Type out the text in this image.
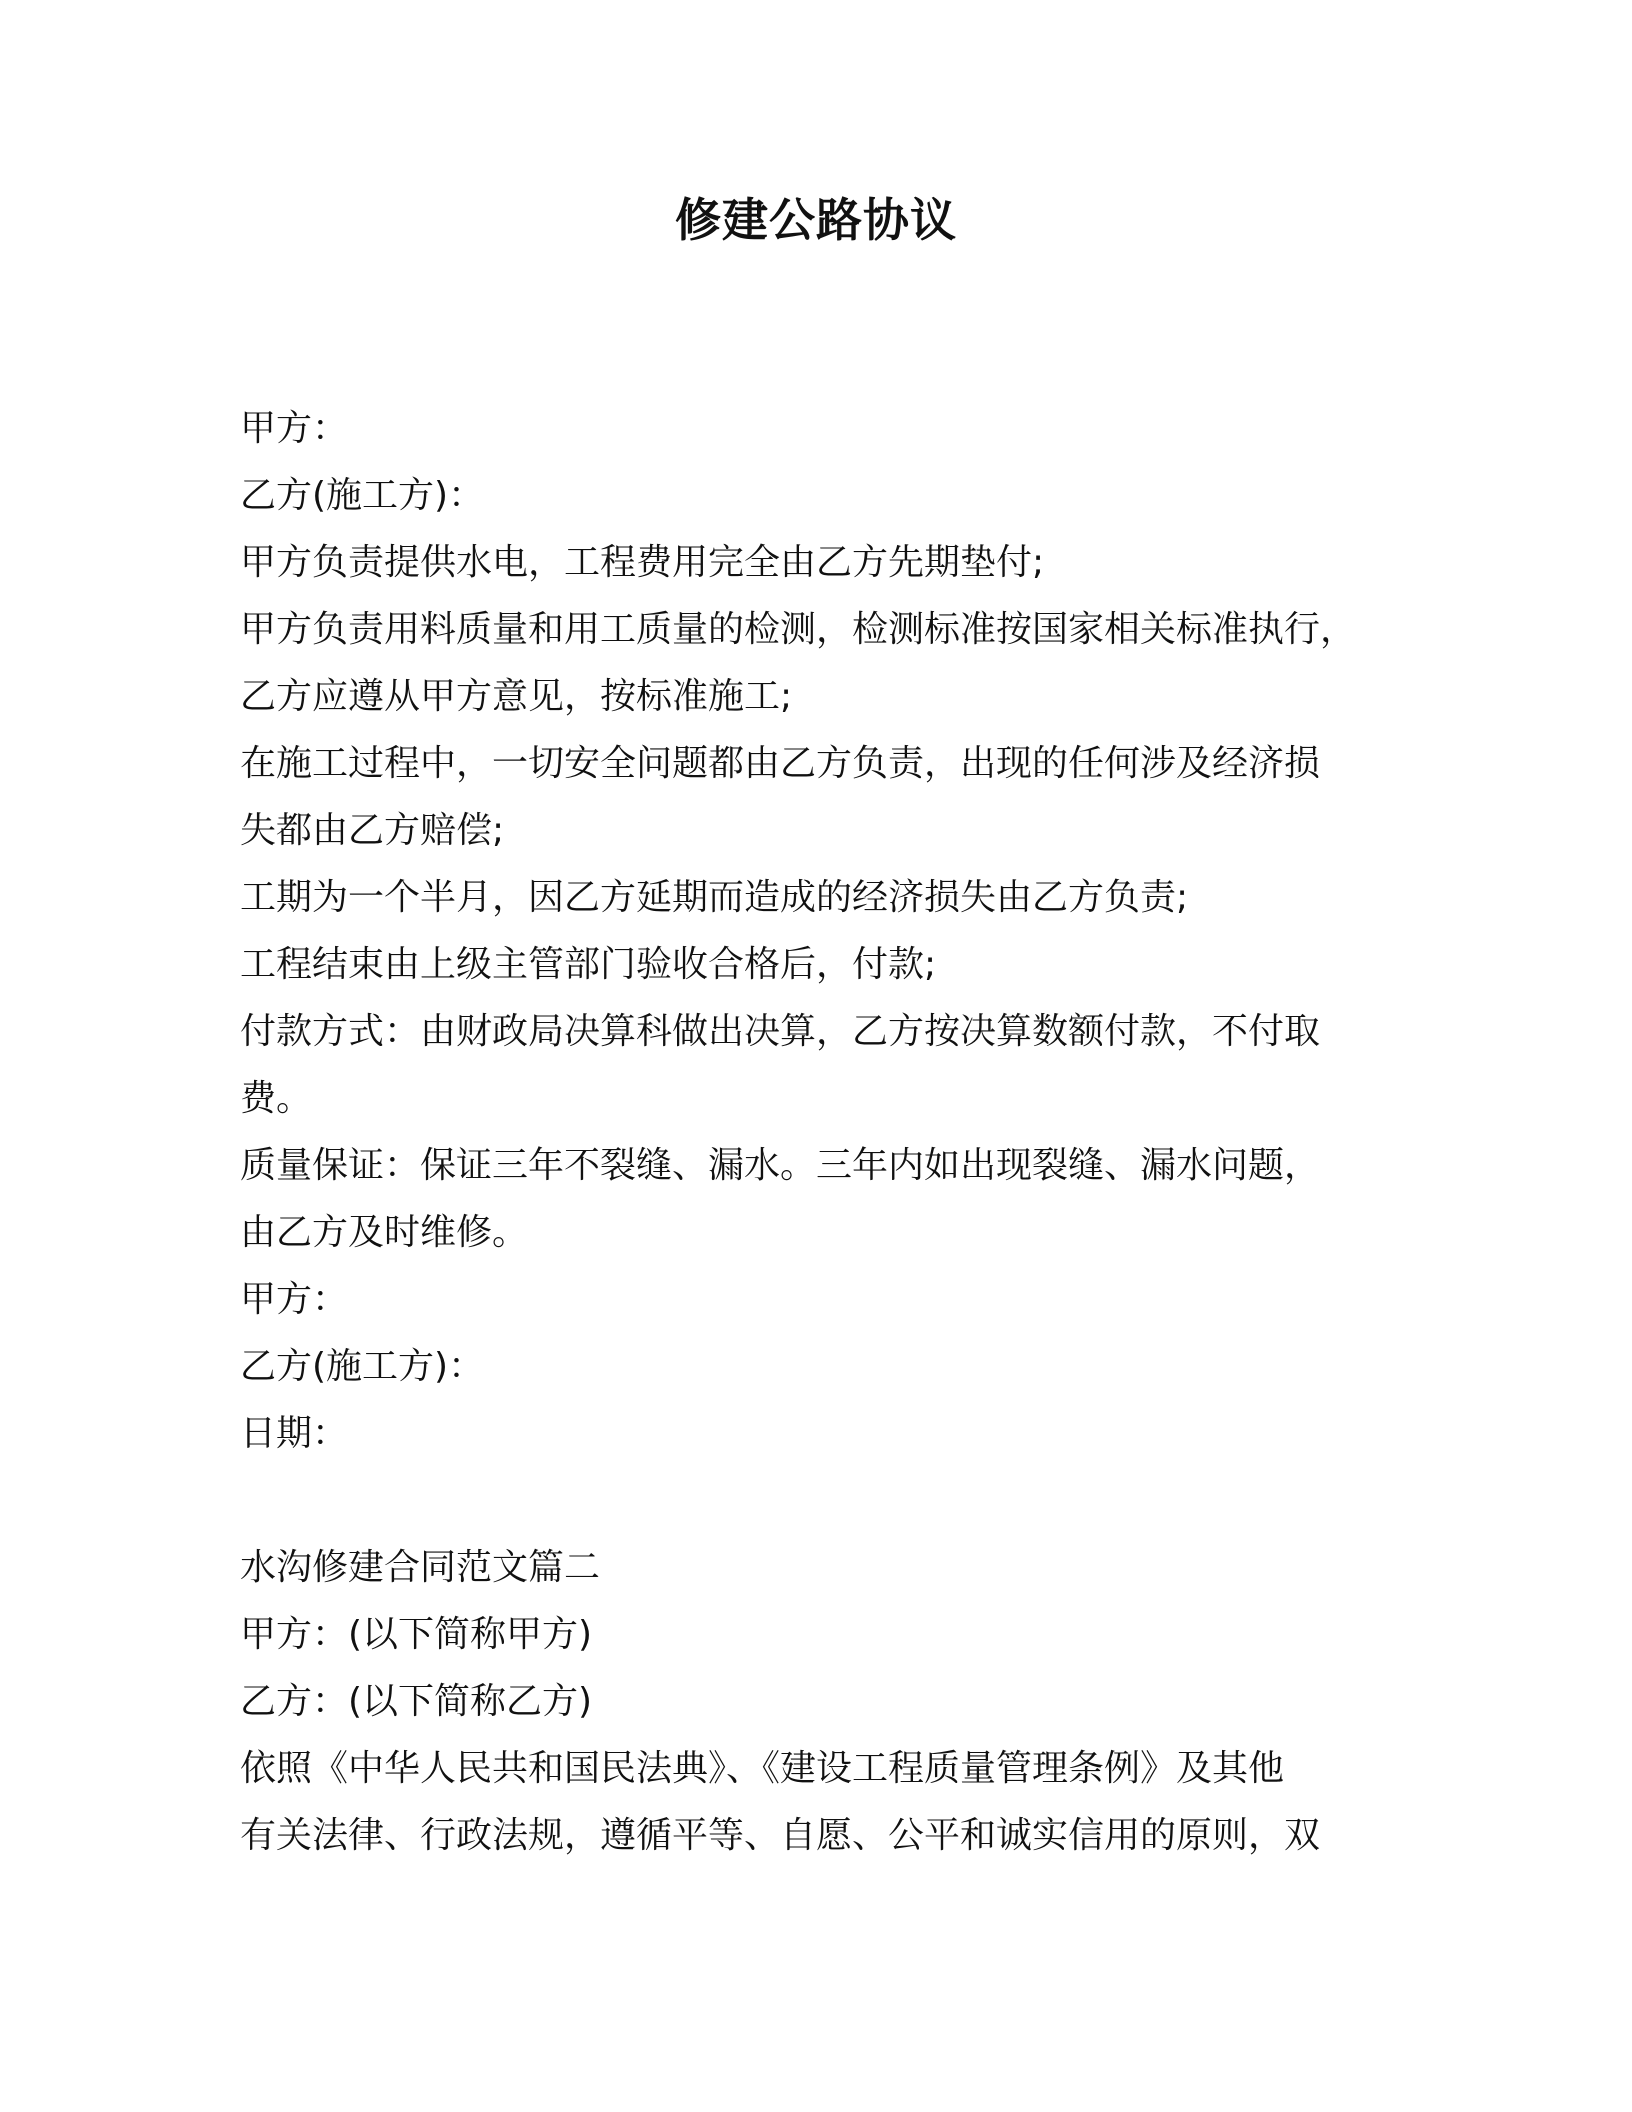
修建公路协议
甲方：
乙方(施工方)：
甲方负责提供水电，工程费用完全由乙方先期垫付;
甲方负责用料质量和用工质量的检测，检测标准按国家相关标准执行，
乙方应遵从甲方意见，按标准施工;
在施工过程中，一切安全问题都由乙方负责，出现的任何涉及经济损
失都由乙方赔偿;
工期为一个半月，因乙方延期而造成的经济损失由乙方负责;
工程结束由上级主管部门验收合格后，付款;
付款方式：由财政局决算科做出决算，乙方按决算数额付款，不付取
费。
质量保证：保证三年不裂缝、漏水。三年内如出现裂缝、漏水问题，
由乙方及时维修。
甲方：
乙方(施工方)：
日期：
水沟修建合同范文篇二
甲方：(以下简称甲方)
乙方：(以下简称乙方)
依照《中华人民共和国民法典》、《建设工程质量管理条例》及其他
有关法律、行政法规，遵循平等、自愿、公平和诚实信用的原则，双
